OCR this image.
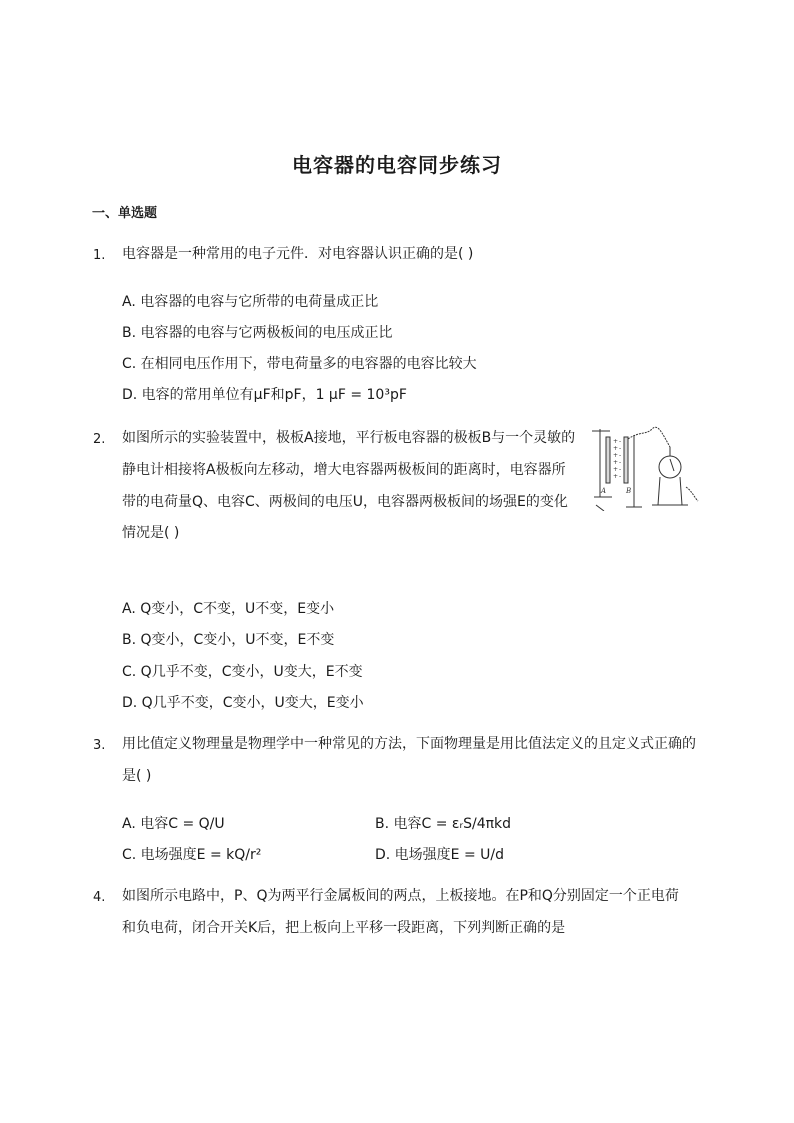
电容器的电容同步练习
一、单选题
1. 电容器是一种常用的电子元件．对电容器认识正确的是( )
A. 电容器的电容与它所带的电荷量成正比
B. 电容器的电容与它两极板间的电压成正比
C. 在相同电压作用下，带电荷量多的电容器的电容比较大
D. 电容的常用单位有μF和pF，1 μF = 10³pF
2. 如图所示的实验装置中，极板A接地，平行板电容器的极板B与一个灵敏的
静电计相接将A极板向左移动，增大电容器两极板间的距离时，电容器所
带的电荷量Q、电容C、两极间的电压U，电容器两极板间的场强E的变化
情况是( )
+
+
+
+
+
+
-
-
-
-
-
-
A	B
A. Q变小，C不变，U不变，E变小
B. Q变小，C变小，U不变，E不变
C. Q几乎不变，C变小，U变大，E不变
D. Q几乎不变，C变小，U变大，E变小
3. 用比值定义物理量是物理学中一种常见的方法，下面物理量是用比值法定义的且定义式正确的
是( )
A. 电容C = Q/U	B. 电容C = εᵣS/4πkd
C. 电场强度E = kQ/r²	D. 电场强度E = U/d
4. 如图所示电路中，P、Q为两平行金属板间的两点，上板接地。在P和Q分别固定一个正电荷
和负电荷，闭合开关K后，把上板向上平移一段距离，下列判断正确的是
